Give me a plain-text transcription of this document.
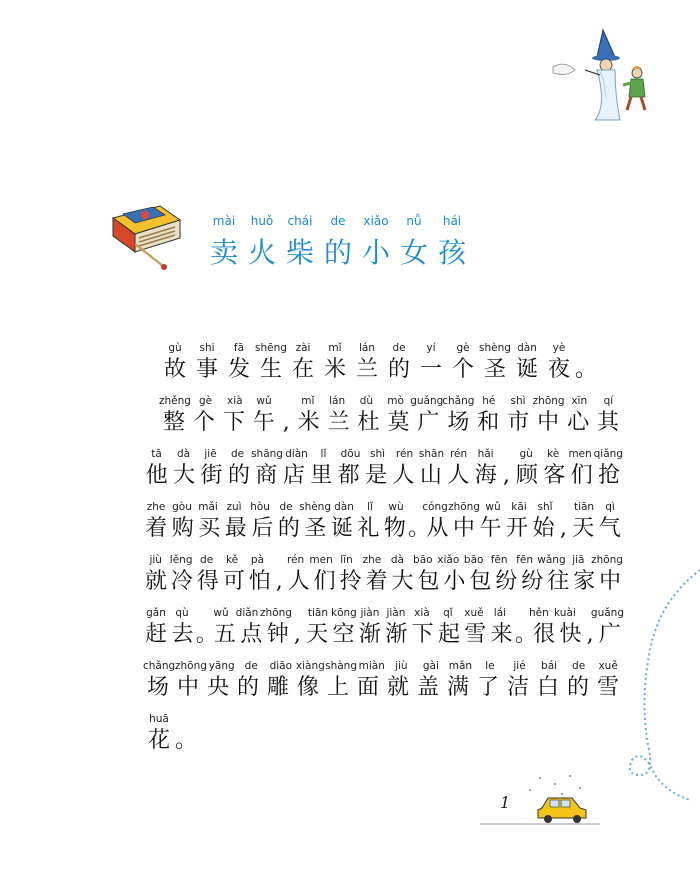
mài	huǒ	chái	de	xiǎo	nǚ	hái
卖 火 柴 的 小 女 孩
gù	shi	fā	shēng zài	mǐ	lán	de	yí	gè shèng dàn	yè
故 事 发 生 在 米 兰 的 一 个 圣 诞 夜 。
zhěng gè	xià	wǔ	mǐ	lán	dù	mò guǎng
chǎng hé	shì zhōng xīn	qí
整 个 下 午 , 米 兰 杜 莫 广 场 和 市 中 心 其
tā	dà	jiē	de shāng diàn	lǐ	dōu shì	rén shān rén hǎi	gù	kè men qiǎng
他 大 街 的 商 店 里 都 是 人 山 人 海 , 顾 客 们 抢
zhe gòu mǎi zuì hòu de shèng dàn	lǐ	wù	cóng zhōng wǔ	kāi	shǐ	tiān	qì
着 购 买 最 后 的 圣 诞 礼 物 。
从 中 午 开 始 , 天 气
jiù lěng de	kě	pà	rén men līn zhe dà bāo xiǎo bāo fēn fēn wǎng jiā zhōng
就 冷 得 可 怕 , 人 们 拎 着 大 包 小 包 纷 纷 往 家 中
gǎn qù	wǔ diǎn zhōng tiān kōng jiàn jiàn xià	qǐ	xuě lái	hěn kuài guǎng
赶 去 。
五 点 钟 , 天 空 渐 渐 下 起 雪 来 。
很 快 , 广
chǎng zhōng yāng de	diāo xiàng shàng miàn jiù	gài mǎn	le	jié	bái	de	xuě
场 中 央 的 雕 像 上 面 就 盖 满 了 洁 白 的 雪
huā
花 。
1
